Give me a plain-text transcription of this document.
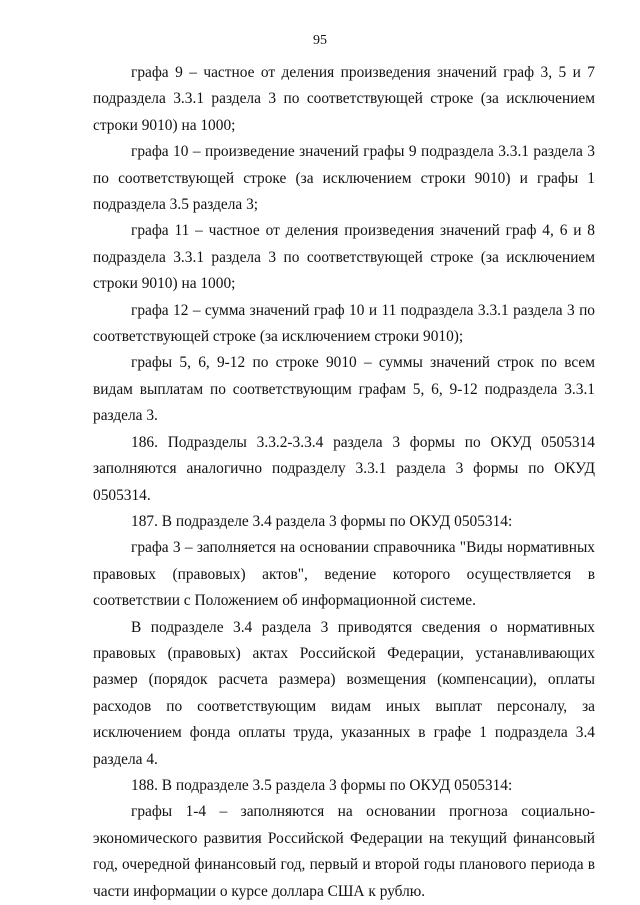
95

графа 9 – частное от деления произведения значений граф 3, 5 и 7 подраздела 3.3.1 раздела 3 по соответствующей строке (за исключением строки 9010) на 1000;

графа 10 – произведение значений графы 9 подраздела 3.3.1 раздела 3 по соответствующей строке (за исключением строки 9010) и графы 1 подраздела 3.5 раздела 3;

графа 11 – частное от деления произведения значений граф 4, 6 и 8 подраздела 3.3.1 раздела 3 по соответствующей строке (за исключением строки 9010) на 1000;

графа 12 – сумма значений граф 10 и 11 подраздела 3.3.1 раздела 3 по соответствующей строке (за исключением строки 9010);

графы 5, 6, 9-12 по строке 9010 – суммы значений строк по всем видам выплатам по соответствующим графам 5, 6, 9-12 подраздела 3.3.1 раздела 3.

186. Подразделы 3.3.2-3.3.4 раздела 3 формы по ОКУД 0505314 заполняются аналогично подразделу 3.3.1 раздела 3 формы по ОКУД 0505314.

187. В подразделе 3.4 раздела 3 формы по ОКУД 0505314:

графа 3 – заполняется на основании справочника "Виды нормативных правовых (правовых) актов", ведение которого осуществляется в соответствии с Положением об информационной системе.

В подразделе 3.4 раздела 3 приводятся сведения о нормативных правовых (правовых) актах Российской Федерации, устанавливающих размер (порядок расчета размера) возмещения (компенсации), оплаты расходов по соответствующим видам иных выплат персоналу, за исключением фонда оплаты труда, указанных в графе 1 подраздела 3.4 раздела 4.

188. В подразделе 3.5 раздела 3 формы по ОКУД 0505314:

графы 1-4 – заполняются на основании прогноза социально-экономического развития Российской Федерации на текущий финансовый год, очередной финансовый год, первый и второй годы планового периода в части информации о курсе доллара США к рублю.
